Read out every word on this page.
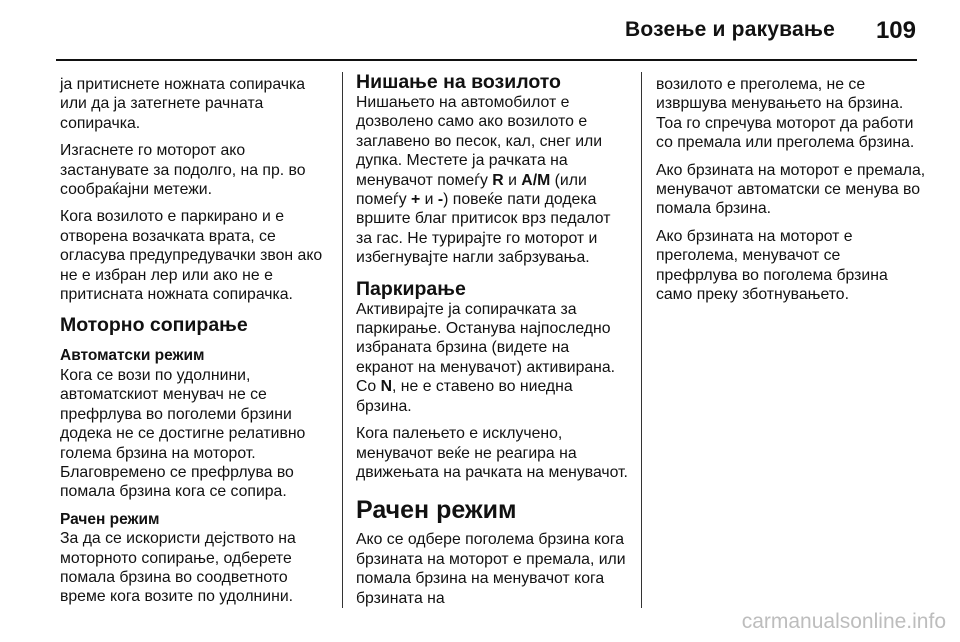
Возење и ракување 109

ја притиснете ножната сопирачка или да ја затегнете рачната сопирачка.

Изгаснете го моторот ако застанувате за подолго, на пр. во сообраќајни метежи.

Кога возилото е паркирано и е отворена возачката врата, се огласува предупредувачки звон ако не е избран лер или ако не е притисната ножната сопирачка.

Моторно сопирање
Автоматски режим

Кога се вози по удолнини, автоматскиот менувач не се префрлува во поголеми брзини додека не се достигне релативно голема брзина на моторот. Благовремено се префрлува во помала брзина кога се сопира.

Рачен режим

За да се искористи дејството на моторното сопирање, одберете помала брзина во соодветното време кога возите по удолнини.

Нишање на возилото

Нишањето на автомобилот е дозволено само ако возилото е заглавено во песок, кал, снег или дупка. Местете ја рачката на менувачот помеѓу R и A/M (или помеѓу + и -) повеќе пати додека вршите благ притисок врз педалот за гас. Не турирајте го моторот и избегнувајте нагли забрзувања.

Паркирање

Активирајте ја сопирачката за паркирање. Останува најпоследно избраната брзина (видете на екранот на менувачот) активирана. Со N, не е ставено во ниедна брзина.

Кога палењето е исклучено, менувачот веќе не реагира на движењата на рачката на менувачот.

Рачен режим

Ако се одбере поголема брзина кога брзината на моторот е премала, или помала брзина на менувачот кога брзината на

возилото е преголема, не се извршува менувањето на брзина. Тоа го спречува моторот да работи со премала или преголема брзина.

Ако брзината на моторот е премала, менувачот автоматски се менува во помала брзина.

Ако брзината на моторот е преголема, менувачот се префрлува во поголема брзина само преку зботнувањето.

carmanualsonline.info
